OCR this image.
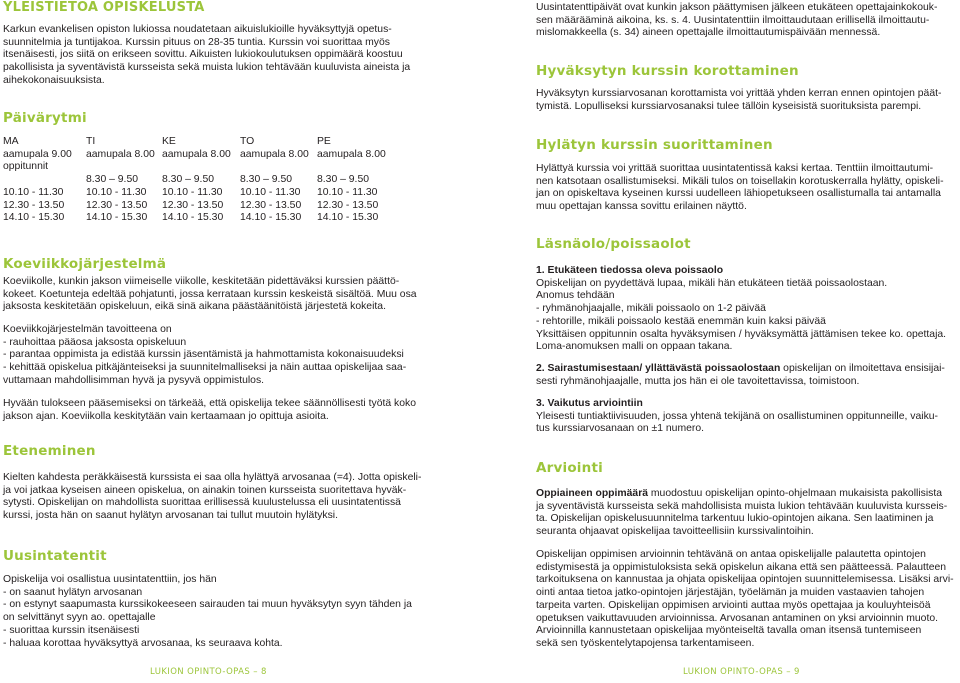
YLEISTIETOA OPISKELUSTA

Karkun evankelisen opiston lukiossa noudatetaan aikuislukioille hyväksyttyjä opetus-
suunnitelmia ja tuntijakoa. Kurssin pituus on 28-35 tuntia. Kurssin voi suorittaa myös
itsenäisesti, jos siitä on erikseen sovittu. Aikuisten lukiokoulutuksen oppimäärä koostuu
pakollisista ja syventävistä kursseista sekä muista lukion tehtävään kuuluvista aineista ja
aihekokonaisuuksista.

Päivärytmi
MA	TI	KE	TO	PE
aamupala 9.00	aamupala 8.00	aamupala 8.00	aamupala 8.00	aamupala 8.00
oppitunnit				
	8.30 – 9.50	8.30 – 9.50	8.30 – 9.50	8.30 – 9.50
10.10 - 11.30	10.10 - 11.30	10.10 - 11.30	10.10 - 11.30	10.10 - 11.30
12.30 - 13.50	12.30 - 13.50	12.30 - 13.50	12.30 - 13.50	12.30 - 13.50
14.10 - 15.30	14.10 - 15.30	14.10 - 15.30	14.10 - 15.30	14.10 - 15.30
Koeviikkojärjestelmä

Koeviikolle, kunkin jakson viimeiselle viikolle, keskitetään pidettäväksi kurssien päättö-
kokeet. Koetunteja edeltää pohjatunti, jossa kerrataan kurssin keskeistä sisältöä. Muu osa
jaksosta keskitetään opiskeluun, eikä sinä aikana päästäänitöistä järjestetä kokeita.

Koeviikkojärjestelmän tavoitteena on
- rauhoittaa pääosa jaksosta opiskeluun
- parantaa oppimista ja edistää kurssin jäsentämistä ja hahmottamista kokonaisuudeksi
- kehittää opiskelua pitkäjänteiseksi ja suunnitelmalliseksi ja näin auttaa opiskelijaa saa-
vuttamaan mahdollisimman hyvä ja pysyvä oppimistulos.

Hyvään tulokseen pääsemiseksi on tärkeää, että opiskelija tekee säännöllisesti työtä koko
jakson ajan. Koeviikolla keskitytään vain kertaamaan jo opittuja asioita.

Eteneminen

Kielten kahdesta peräkkäisestä kurssista ei saa olla hylättyä arvosanaa (=4). Jotta opiskeli-
ja voi jatkaa kyseisen aineen opiskelua, on ainakin toinen kursseista suoritettava hyväk-
sytysti. Opiskelijan on mahdollista suorittaa erillisessä kuulustelussa eli uusintatentissä
kurssi, josta hän on saanut hylätyn arvosanan tai tullut muutoin hylätyksi.

Uusintatentit

Opiskelija voi osallistua uusintatenttiin, jos hän
- on saanut hylätyn arvosanan
- on estynyt saapumasta kurssikokeeseen sairauden tai muun hyväksytyn syyn tähden ja
on selvittänyt syyn ao. opettajalle
- suorittaa kurssin itsenäisesti
- haluaa korottaa hyväksyttyä arvosanaa, ks seuraava kohta.

LUKION OPINTO-OPAS – 8

Uusintatenttipäivät ovat kunkin jakson päättymisen jälkeen etukäteen opettajainkokouk-
sen määrääminä aikoina, ks. s. 4. Uusintatenttiin ilmoittaudutaan erillisellä ilmoittautu-
mislomakkeella (s. 34) aineen opettajalle ilmoittautumispäivään mennessä.

Hyväksytyn kurssin korottaminen

Hyväksytyn kurssiarvosanan korottamista voi yrittää yhden kerran ennen opintojen päät-
tymistä. Lopulliseksi kurssiarvosanaksi tulee tällöin kyseisistä suorituksista parempi.

Hylätyn kurssin suorittaminen

Hylättyä kurssia voi yrittää suorittaa uusintatentissä kaksi kertaa. Tenttiin ilmoittautumi-
nen katsotaan osallistumiseksi. Mikäli tulos on toisellakin korotuskerralla hylätty, opiskeli-
jan on opiskeltava kyseinen kurssi uudelleen lähiopetukseen osallistumalla tai antamalla
muu opettajan kanssa sovittu erilainen näyttö.

Läsnäolo/poissaolot

1. Etukäteen tiedossa oleva poissaolo
Opiskelijan on pyydettävä lupaa, mikäli hän etukäteen tietää poissaolostaan.
Anomus tehdään
- ryhmänohjaajalle, mikäli poissaolo on 1-2 päivää
- rehtorille, mikäli poissaolo kestää enemmän kuin kaksi päivää
Yksittäisen oppitunnin osalta hyväksymisen / hyväksymättä jättämisen tekee ko. opettaja.
Loma-anomuksen malli on oppaan takana.

2. Sairastumisestaan/ yllättävästä poissaolostaan opiskelijan on ilmoitettava ensisijai-
sesti ryhmänohjaajalle, mutta jos hän ei ole tavoitettavissa, toimistoon.

3. Vaikutus arviointiin
Yleisesti tuntiaktiivisuuden, jossa yhtenä tekijänä on osallistuminen oppitunneille, vaiku-
tus kurssiarvosanaan on ±1 numero.

Arviointi

Oppiaineen oppimäärä muodostuu opiskelijan opinto-ohjelmaan mukaisista pakollisista
ja syventävistä kursseista sekä mahdollisista muista lukion tehtävään kuuluvista kursseis-
ta. Opiskelijan opiskelusuunnitelma tarkentuu lukio-opintojen aikana. Sen laatiminen ja
seuranta ohjaavat opiskelijaa tavoitteellisiin kurssivalintoihin.

Opiskelijan oppimisen arvioinnin tehtävänä on antaa opiskelijalle palautetta opintojen
edistymisestä ja oppimistuloksista sekä opiskelun aikana että sen päätteessä. Palautteen
tarkoituksena on kannustaa ja ohjata opiskelijaa opintojen suunnittelemisessa. Lisäksi arvi-
ointi antaa tietoa jatko-opintojen järjestäjän, työelämän ja muiden vastaavien tahojen
tarpeita varten. Opiskelijan oppimisen arviointi auttaa myös opettajaa ja kouluyhteisöä
opetuksen vaikuttavuuden arvioinnissa. Arvosanan antaminen on yksi arvioinnin muoto.
Arvioinnilla kannustetaan opiskelijaa myönteiseltä tavalla oman itsensä tuntemiseen
sekä sen työskentelytapojensa tarkentamiseen.

LUKION OPINTO-OPAS – 9
